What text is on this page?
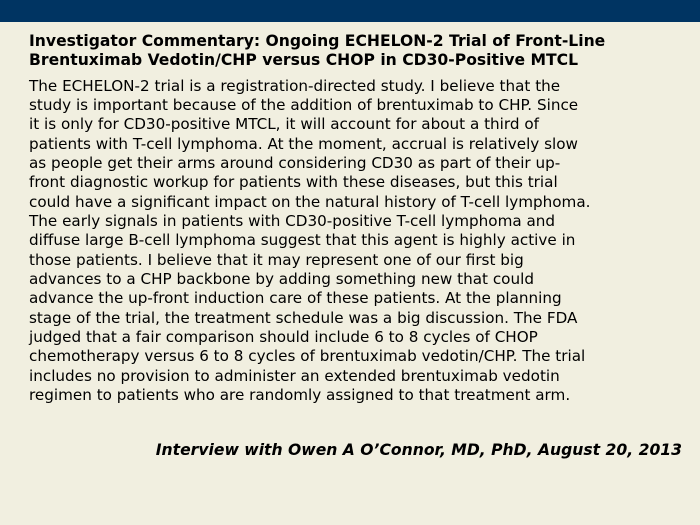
Investigator Commentary: Ongoing ECHELON-2 Trial of Front-Line
Brentuximab Vedotin/CHP versus CHOP in CD30-Positive MTCL

The ECHELON-2 trial is a registration-directed study. I believe that the
study is important because of the addition of brentuximab to CHP. Since
it is only for CD30-positive MTCL, it will account for about a third of
patients with T-cell lymphoma. At the moment, accrual is relatively slow
as people get their arms around considering CD30 as part of their up-
front diagnostic workup for patients with these diseases, but this trial
could have a significant impact on the natural history of T-cell lymphoma.
The early signals in patients with CD30-positive T-cell lymphoma and
diffuse large B-cell lymphoma suggest that this agent is highly active in
those patients. I believe that it may represent one of our first big
advances to a CHP backbone by adding something new that could
advance the up-front induction care of these patients. At the planning
stage of the trial, the treatment schedule was a big discussion. The FDA
judged that a fair comparison should include 6 to 8 cycles of CHOP
chemotherapy versus 6 to 8 cycles of brentuximab vedotin/CHP. The trial
includes no provision to administer an extended brentuximab vedotin
regimen to patients who are randomly assigned to that treatment arm.

Interview with Owen A O’Connor, MD, PhD, August 20, 2013
